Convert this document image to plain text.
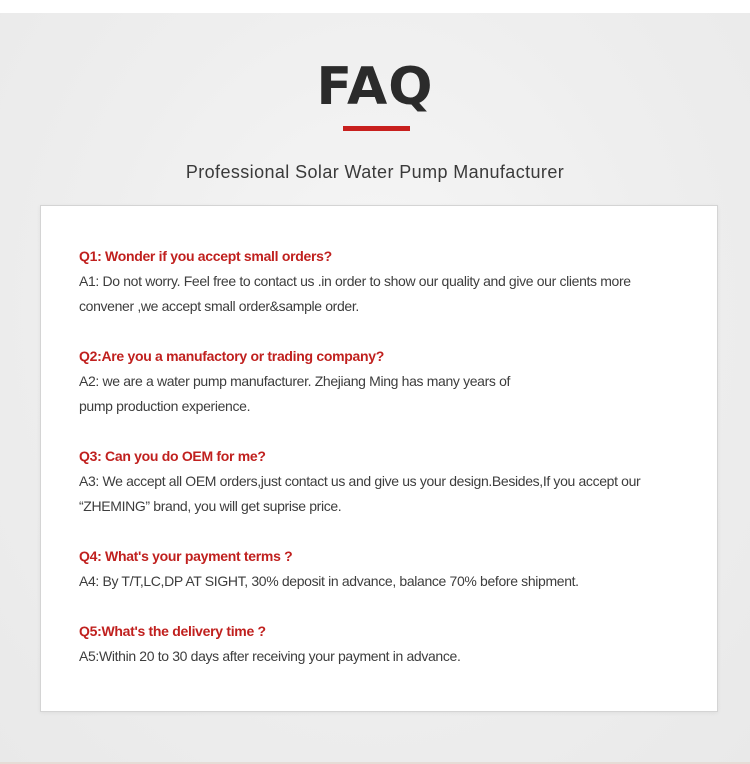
FAQ
Professional Solar Water Pump Manufacturer
Q1: Wonder if you accept small orders?
A1: Do not worry. Feel free to contact us .in order to show our quality and give our clients more
convener ,we accept small order&sample order.
Q2:Are you a manufactory or trading company?
A2: we are a water pump manufacturer. Zhejiang Ming has many years of
pump production experience.
Q3: Can you do OEM for me?
A3: We accept all OEM orders,just contact us and give us your design.Besides,If you accept our
“ZHEMING” brand, you will get suprise price.
Q4: What's your payment terms ?
A4: By T/T,LC,DP AT SIGHT, 30% deposit in advance, balance 70% before shipment.
Q5:What's the delivery time ?
A5:Within 20 to 30 days after receiving your payment in advance.
